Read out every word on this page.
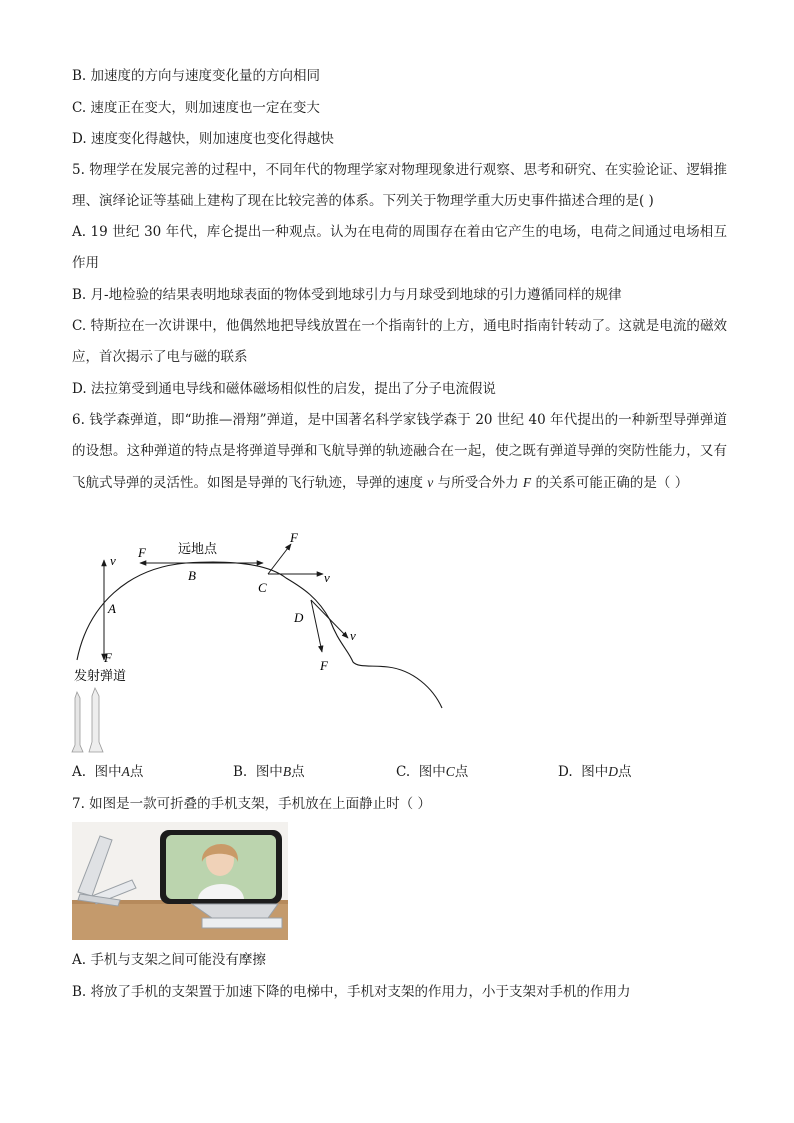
B. 加速度的方向与速度变化量的方向相同
C. 速度正在变大，则加速度也一定在变大
D. 速度变化得越快，则加速度也变化得越快
5. 物理学在发展完善的过程中，不同年代的物理学家对物理现象进行观察、思考和研究、在实验论证、逻辑推理、演绎论证等基础上建构了现在比较完善的体系。下列关于物理学重大历史事件描述合理的是( )
A. 19 世纪 30 年代，库仑提出一种观点。认为在电荷的周围存在着由它产生的电场，电荷之间通过电场相互作用
B. 月-地检验的结果表明地球表面的物体受到地球引力与月球受到地球的引力遵循同样的规律
C. 特斯拉在一次讲课中，他偶然地把导线放置在一个指南针的上方，通电时指南针转动了。这就是电流的磁效应，首次揭示了电与磁的联系
D. 法拉第受到通电导线和磁体磁场相似性的启发，提出了分子电流假说
6. 钱学森弹道，即“助推—滑翔”弹道，是中国著名科学家钱学森于 20 世纪 40 年代提出的一种新型导弹弹道的设想。这种弹道的特点是将弹道导弹和飞航导弹的轨迹融合在一起，使之既有弹道导弹的突防性能力，又有飞航式导弹的灵活性。如图是导弹的飞行轨迹，导弹的速度 v 与所受合外力 F 的关系可能正确的是（ ）
v
A
F
F 远地点
B
F
v
C
D
v
F
发射弹道
A. 图中A点	B. 图中B点	C. 图中C点	D. 图中D点
7. 如图是一款可折叠的手机支架，手机放在上面静止时（ ）
A. 手机与支架之间可能没有摩擦
B. 将放了手机的支架置于加速下降的电梯中，手机对支架的作用力，小于支架对手机的作用力
